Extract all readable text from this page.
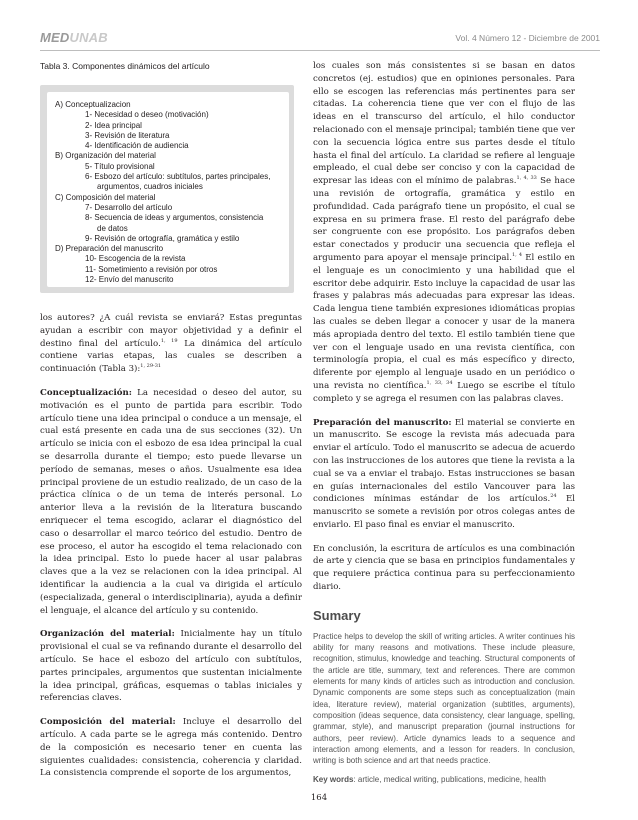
MEDUNAB	Vol. 4 Número 12 - Diciembre de 2001
Tabla 3. Componentes dinámicos del artículo
A) Conceptualizacion
1- Necesidad o deseo (motivación)
2- Idea principal
3- Revisión de literatura
4- Identificación de audiencia
B) Organización del material
5- Título provisional
6- Esbozo del artículo: subtítulos, partes principales,
argumentos, cuadros iniciales
C) Composición del material
7- Desarrollo del artículo
8- Secuencia de ideas y argumentos, consistencia
de datos
9- Revisión de ortografía, gramática y estilo
D) Preparación del manuscrito
10- Escogencia de la revista
11- Sometimiento a revisión por otros
12- Envío del manuscrito

los autores? ¿A cuál revista se enviará? Estas preguntas ayudan a escribir con mayor objetividad y a definir el destino final del artículo.$^{1, 19}$ La dinámica del artículo contiene varias etapas, las cuales se describen a continuación (Tabla 3):$^{1, 29-31}$

Conceptualización: La necesidad o deseo del autor, su motivación es el punto de partida para escribir. Todo artículo tiene una idea principal o conduce a un mensaje, el cual está presente en cada una de sus secciones (32). Un artículo se inicia con el esbozo de esa idea principal la cual se desarrolla durante el tiempo; esto puede llevarse un período de semanas, meses o años. Usualmente esa idea principal proviene de un estudio realizado, de un caso de la práctica clínica o de un tema de interés personal. Lo anterior lleva a la revisión de la literatura buscando enriquecer el tema escogido, aclarar el diagnóstico del caso o desarrollar el marco teórico del estudio. Dentro de ese proceso, el autor ha escogido el tema relacionado con la idea principal. Esto lo puede hacer al usar palabras claves que a la vez se relacionen con la idea principal. Al identificar la audiencia a la cual va dirigida el artículo (especializada, general o interdisciplinaria), ayuda a definir el lenguaje, el alcance del artículo y su contenido.

Organización del material: Inicialmente hay un título provisional el cual se va refinando durante el desarrollo del artículo. Se hace el esbozo del artículo con subtítulos, partes principales, argumentos que sustentan inicialmente la idea principal, gráficas, esquemas o tablas iniciales y referencias claves.

Composición del material: Incluye el desarrollo del artículo. A cada parte se le agrega más contenido. Dentro de la composición es necesario tener en cuenta las siguientes cualidades: consistencia, coherencia y claridad. La consistencia comprende el soporte de los argumentos,

los cuales son más consistentes si se basan en datos concretos (ej. estudios) que en opiniones personales. Para ello se escogen las referencias más pertinentes para ser citadas. La coherencia tiene que ver con el flujo de las ideas en el transcurso del artículo, el hilo conductor relacionado con el mensaje principal; también tiene que ver con la secuencia lógica entre sus partes desde el título hasta el final del artículo. La claridad se refiere al lenguaje empleado, el cual debe ser conciso y con la capacidad de expresar las ideas con el mínimo de palabras.$^{1, 4, 33}$ Se hace una revisión de ortografía, gramática y estilo en profundidad. Cada parágrafo tiene un propósito, el cual se expresa en su primera frase. El resto del parágrafo debe ser congruente con ese propósito. Los parágrafos deben estar conectados y producir una secuencia que refleja el argumento para apoyar el mensaje principal.$^{1, 4}$ El estilo en el lenguaje es un conocimiento y una habilidad que el escritor debe adquirir. Esto incluye la capacidad de usar las frases y palabras más adecuadas para expresar las ideas. Cada lengua tiene también expresiones idiomáticas propias las cuales se deben llegar a conocer y usar de la manera más apropiada dentro del texto. El estilo también tiene que ver con el lenguaje usado en una revista científica, con terminología propia, el cual es más específico y directo, diferente por ejemplo al lenguaje usado en un periódico o una revista no científica.$^{1, 33, 34}$ Luego se escribe el título completo y se agrega el resumen con las palabras claves.

Preparación del manuscrito: El material se convierte en un manuscrito. Se escoge la revista más adecuada para enviar el artículo. Todo el manuscrito se adecua de acuerdo con las instrucciones de los autores que tiene la revista a la cual se va a enviar el trabajo. Estas instrucciones se basan en guías internacionales del estilo Vancouver para las condiciones mínimas estándar de los artículos.$^{24}$ El manuscrito se somete a revisión por otros colegas antes de enviarlo. El paso final es enviar el manuscrito.

En conclusión, la escritura de artículos es una combinación de arte y ciencia que se basa en principios fundamentales y que requiere práctica continua para su perfeccionamiento diario.

Sumary

Practice helps to develop the skill of writing articles. A writer continues his ability for many reasons and motivations. These include pleasure, recognition, stimulus, knowledge and teaching. Structural components of the article are title, summary, text and references. There are common elements for many kinds of articles such as introduction and conclusion. Dynamic components are some steps such as conceptualization (main idea, literature review), material organization (subtitles, arguments), composition (ideas sequence, data consistency, clear language, spelling, grammar, style), and manuscript preparation (journal instructions for authors, peer review). Article dynamics leads to a sequence and interaction among elements, and a lesson for readers. In conclusion, writing is both science and art that needs practice.

Key words: article, medical writing, publications, medicine, health

164
